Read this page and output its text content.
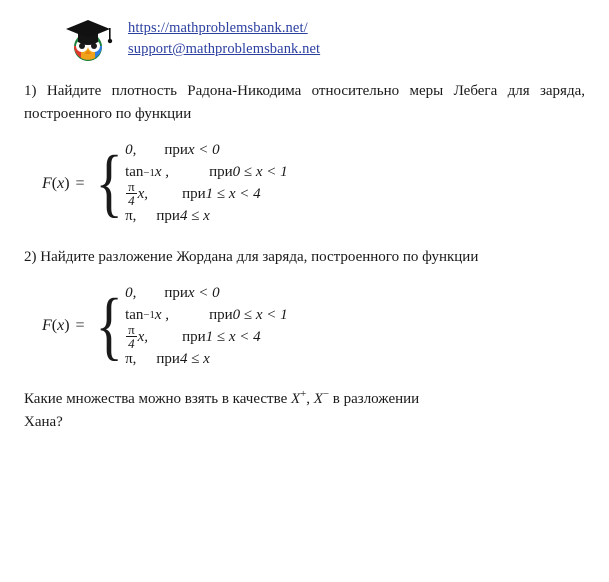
https://mathproblemsbank.net/
support@mathproblemsbank.net

1) Найдите плотность Радона-Никодима относительно меры Лебега для заряда, построенного по функции

F(x) = { 0, при x < 0
tan −1 x ,	при 0 ≤ x < 1
$\frac{\pi}{4} x$, при 1 ≤ x < 4
π, при 4 ≤ x

2) Найдите разложение Жордана для заряда, построенного по функции

F(x) = { 0, при x < 0
tan −1 x ,	при 0 ≤ x < 1
$\frac{\pi}{4} x$, при 1 ≤ x < 4
π, при 4 ≤ x

Какие множества можно взять в качестве X+, X− в разложении
Хана?
